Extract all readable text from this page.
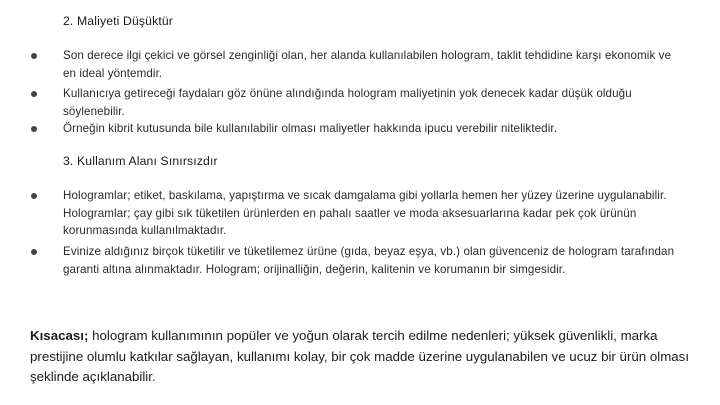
2. Maliyeti Düşüktür
Son derece ilgi çekici ve görsel zenginliği olan, her alanda kullanılabilen hologram, taklit tehdidine karşı ekonomik ve en ideal yöntemdir.
Kullanıcıya getireceği faydaları göz önüne alındığında hologram maliyetinin yok denecek kadar düşük olduğu söylenebilir.
Örneğin kibrit kutusunda bile kullanılabilir olması maliyetler hakkında ipucu verebilir niteliktedir.
3. Kullanım Alanı Sınırsızdır
Hologramlar; etiket, baskılama, yapıştırma ve sıcak damgalama gibi yollarla hemen her yüzey üzerine uygulanabilir. Hologramlar; çay gibi sık tüketilen ürünlerden en pahalı saatler ve moda aksesuarlarına kadar pek çok ürünün korunmasında kullanılmaktadır.
Evinize aldığınız birçok tüketilir ve tüketilemez ürüne (gıda, beyaz eşya, vb.) olan güvenceniz de hologram tarafından garanti altına alınmaktadır. Hologram; orijinalliğin, değerin, kalitenin ve korumanın bir simgesidir.
Kısacası; hologram kullanımının popüler ve yoğun olarak tercih edilme nedenleri; yüksek güvenlikli, marka prestijine olumlu katkılar sağlayan, kullanımı kolay, bir çok madde üzerine uygulanabilen ve ucuz bir ürün olması şeklinde açıklanabilir.
